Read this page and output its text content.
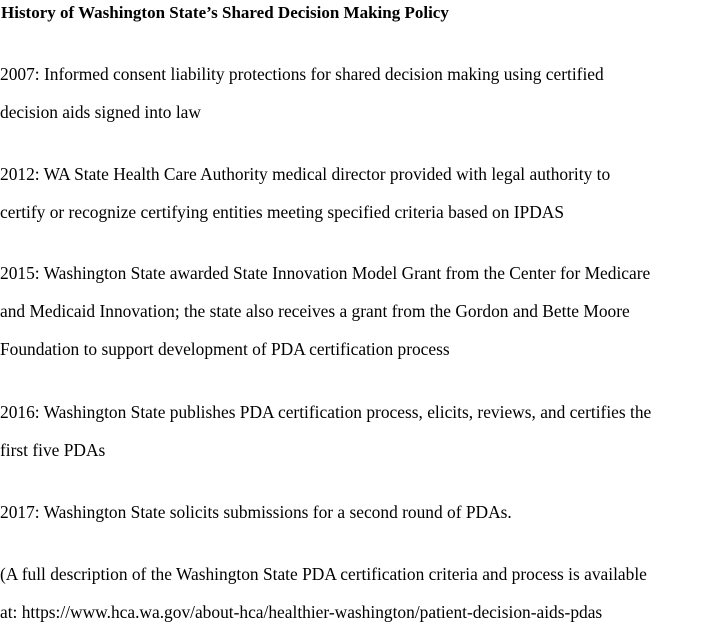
History of Washington State’s Shared Decision Making Policy

2007: Informed consent liability protections for shared decision making using certified
decision aids signed into law

2012: WA State Health Care Authority medical director provided with legal authority to
certify or recognize certifying entities meeting specified criteria based on IPDAS

2015: Washington State awarded State Innovation Model Grant from the Center for Medicare
and Medicaid Innovation; the state also receives a grant from the Gordon and Bette Moore
Foundation to support development of PDA certification process

2016: Washington State publishes PDA certification process, elicits, reviews, and certifies the
first five PDAs

2017: Washington State solicits submissions for a second round of PDAs.

(A full description of the Washington State PDA certification criteria and process is available
at: https://www.hca.wa.gov/about-hca/healthier-washington/patient-decision-aids-pdas
